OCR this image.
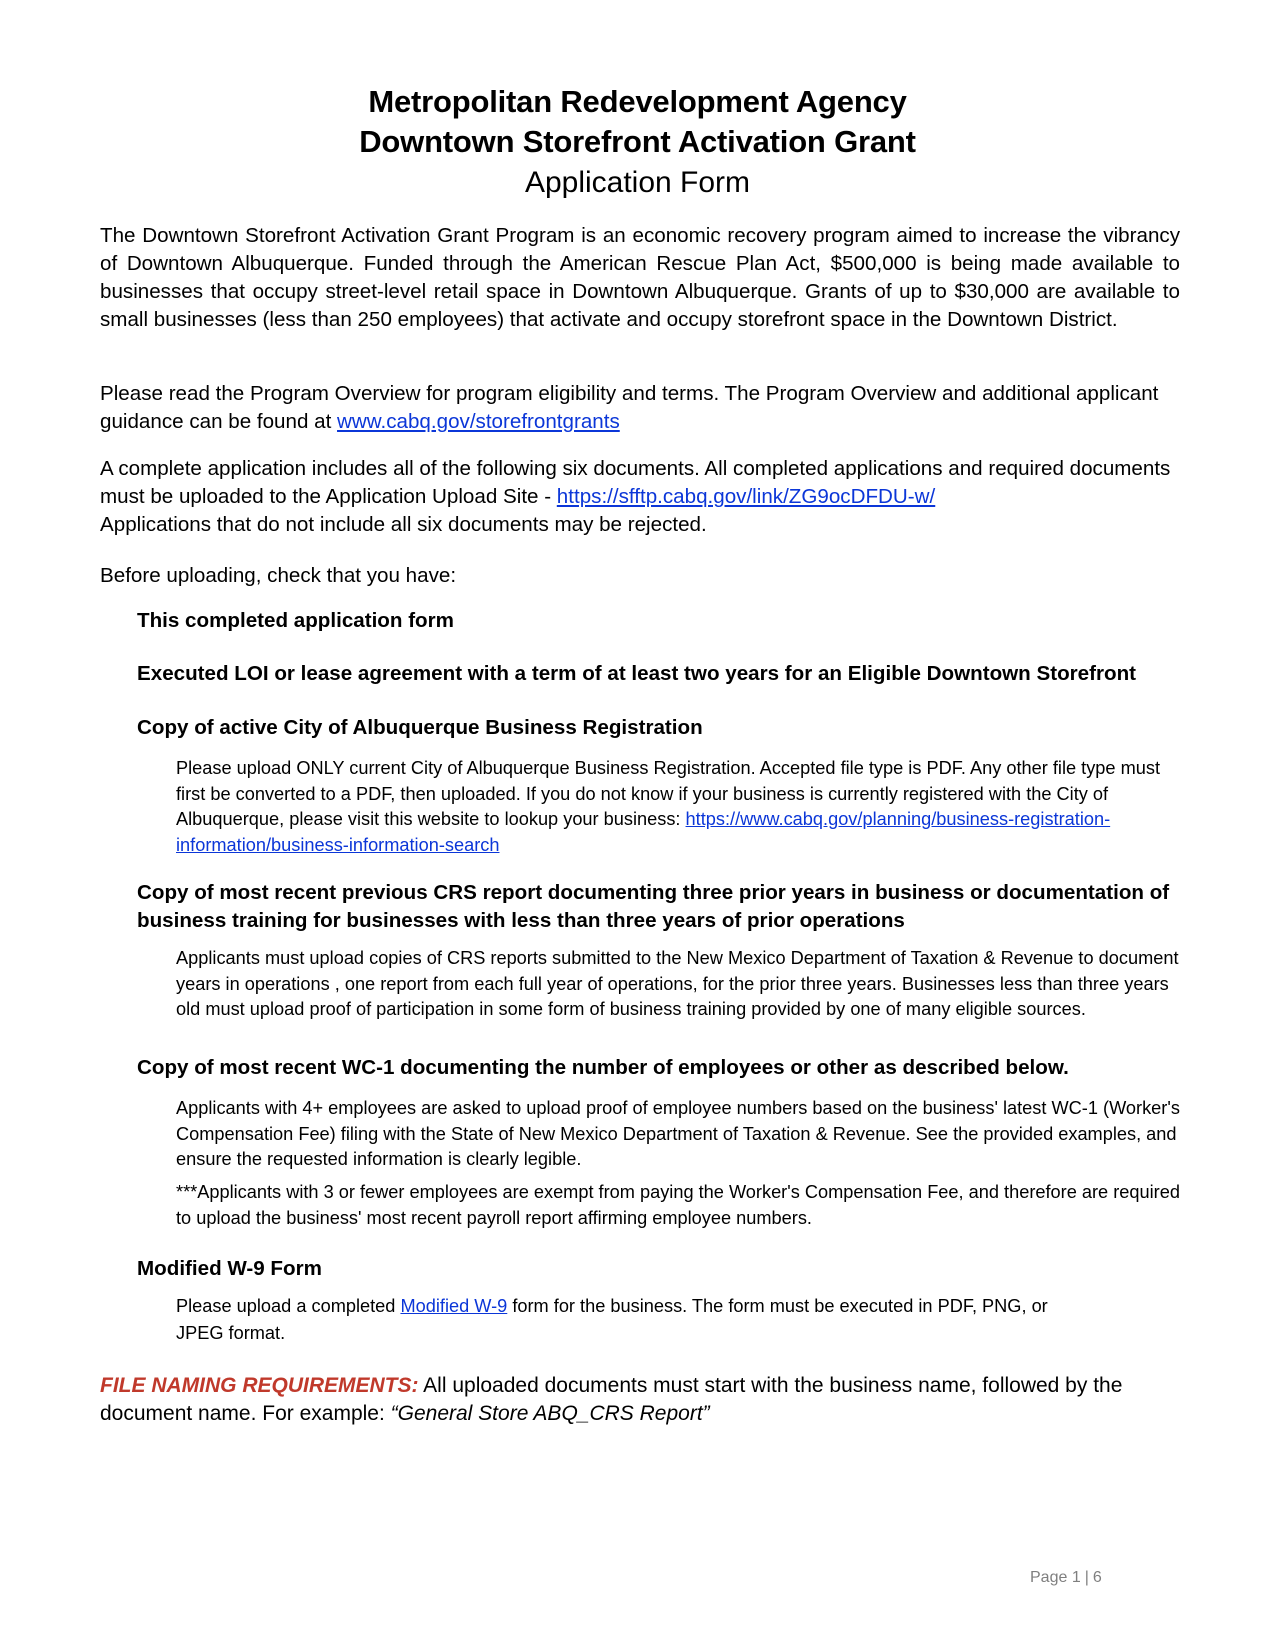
Metropolitan Redevelopment Agency
Downtown Storefront Activation Grant
Application Form
The Downtown Storefront Activation Grant Program is an economic recovery program aimed to increase the vibrancy of Downtown Albuquerque. Funded through the American Rescue Plan Act, $500,000 is being made available to businesses that occupy street-level retail space in Downtown Albuquerque. Grants of up to $30,000 are available to small businesses (less than 250 employees) that activate and occupy storefront space in the Downtown District.
Please read the Program Overview for program eligibility and terms. The Program Overview and additional applicant guidance can be found at www.cabq.gov/storefrontgrants
A complete application includes all of the following six documents. All completed applications and required documents must be uploaded to the Application Upload Site - https://sfftp.cabq.gov/link/ZG9ocDFDU-w/
Applications that do not include all six documents may be rejected.
Before uploading, check that you have:
This completed application form
Executed LOI or lease agreement with a term of at least two years for an Eligible Downtown Storefront
Copy of active City of Albuquerque Business Registration
Please upload ONLY current City of Albuquerque Business Registration. Accepted file type is PDF. Any other file type must first be converted to a PDF, then uploaded. If you do not know if your business is currently registered with the City of Albuquerque, please visit this website to lookup your business: https://www.cabq.gov/planning/business-registration-information/business-information-search
Copy of most recent previous CRS report documenting three prior years in business or documentation of business training for businesses with less than three years of prior operations
Applicants must upload copies of CRS reports submitted to the New Mexico Department of Taxation & Revenue to document years in operations , one report from each full year of operations, for the prior three years. Businesses less than three years old must upload proof of participation in some form of business training provided by one of many eligible sources.
Copy of most recent WC-1 documenting the number of employees or other as described below.
Applicants with 4+ employees are asked to upload proof of employee numbers based on the business' latest WC-1 (Worker's Compensation Fee) filing with the State of New Mexico Department of Taxation & Revenue. See the provided examples, and ensure the requested information is clearly legible.
***Applicants with 3 or fewer employees are exempt from paying the Worker's Compensation Fee, and therefore are required to upload the business' most recent payroll report affirming employee numbers.
Modified W-9 Form
Please upload a completed Modified W-9 form for the business. The form must be executed in PDF, PNG, or JPEG format.
FILE NAMING REQUIREMENTS: All uploaded documents must start with the business name, followed by the document name. For example: “General Store ABQ_CRS Report”
Page 1 | 6
